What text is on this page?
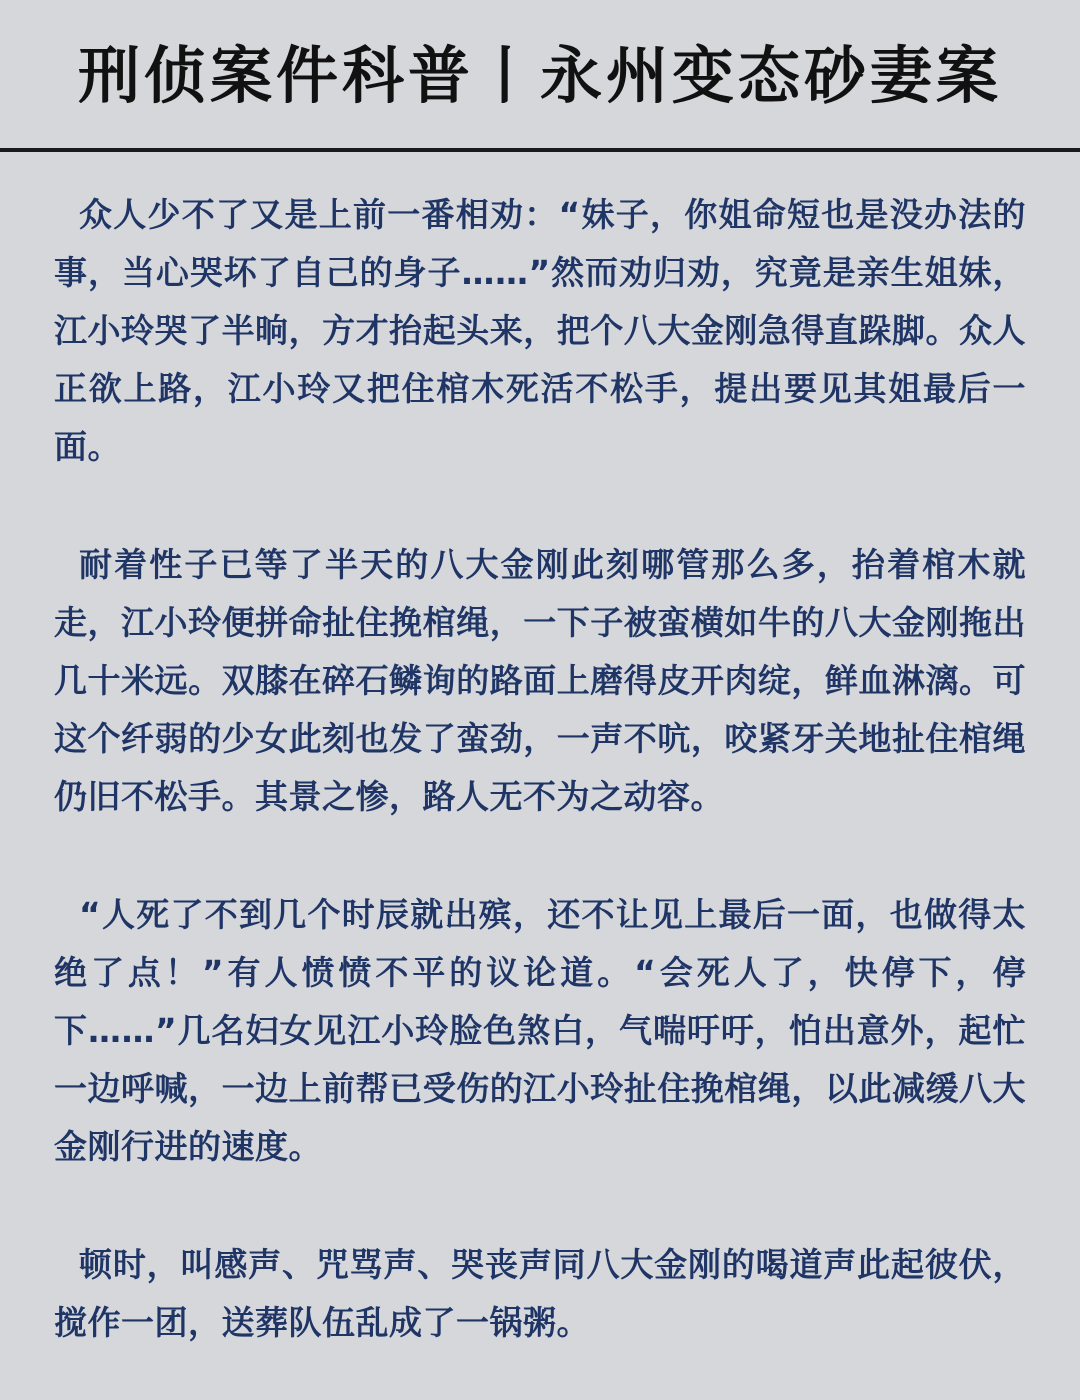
刑侦案件科普丨永州变态砂妻案

众人少不了又是上前一番相劝：“妹子，你姐命短也是没办法的事，当心哭坏了自己的身子……”然而劝归劝，究竟是亲生姐妹，江小玲哭了半晌，方才抬起头来，把个八大金刚急得直跺脚。众人正欲上路，江小玲又把住棺木死活不松手，提出要见其姐最后一面。

耐着性子已等了半天的八大金刚此刻哪管那么多，抬着棺木就走，江小玲便拼命扯住挽棺绳，一下子被蛮横如牛的八大金刚拖出几十米远。双膝在碎石鳞询的路面上磨得皮开肉绽，鲜血淋漓。可这个纤弱的少女此刻也发了蛮劲，一声不吭，咬紧牙关地扯住棺绳仍旧不松手。其景之惨，路人无不为之动容。

“人死了不到几个时辰就出殡，还不让见上最后一面，也做得太绝了点！”有人愤愤不平的议论道。“会死人了，快停下，停下……”几名妇女见江小玲脸色煞白，气喘吁吁，怕出意外，起忙一边呼喊，一边上前帮已受伤的江小玲扯住挽棺绳，以此减缓八大金刚行进的速度。

顿时，叫感声、咒骂声、哭丧声同八大金刚的喝道声此起彼伏，搅作一团，送葬队伍乱成了一锅粥。
